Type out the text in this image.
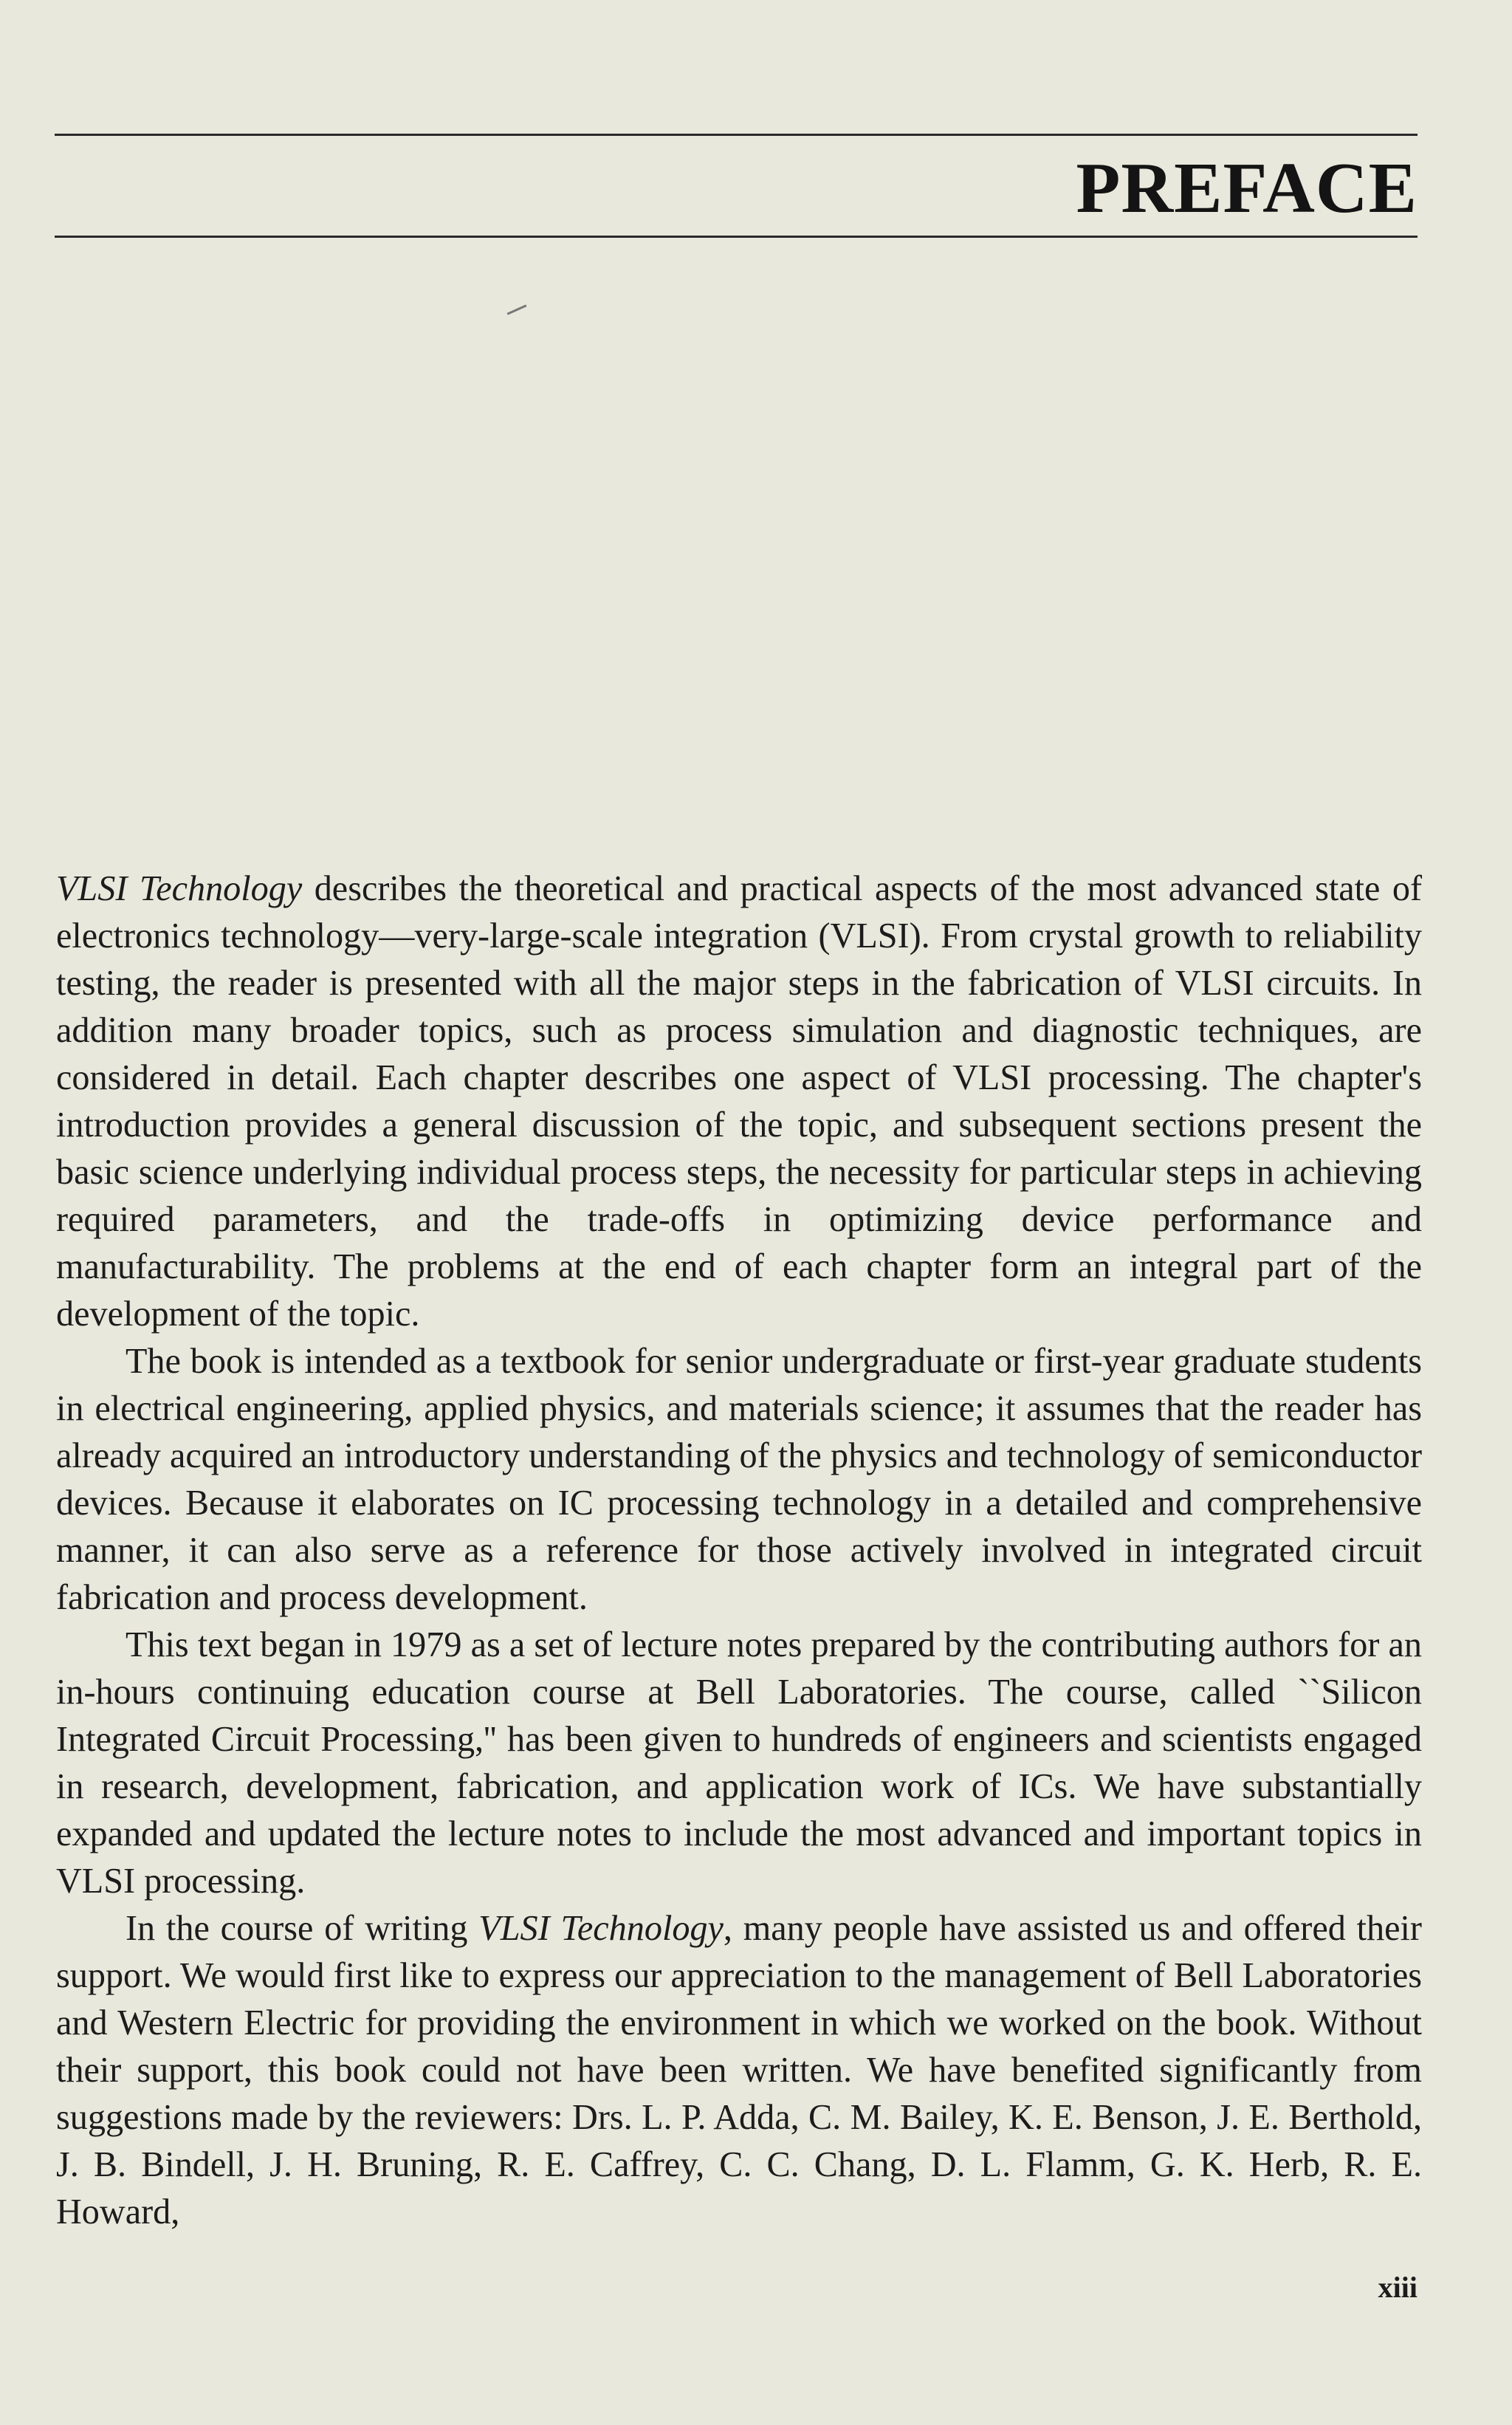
PREFACE

VLSI Technology describes the theoretical and practical aspects of the most advanced state of electronics technology—very-large-scale integration (VLSI). From crystal growth to reliability testing, the reader is presented with all the major steps in the fabrication of VLSI circuits. In addition many broader topics, such as process simulation and diagnostic techniques, are considered in detail. Each chapter describes one aspect of VLSI processing. The chapter's introduction provides a general discussion of the topic, and subsequent sections present the basic science underlying individual process steps, the necessity for particular steps in achieving required parameters, and the trade-offs in optimizing device performance and manufacturability. The problems at the end of each chapter form an integral part of the development of the topic.

The book is intended as a textbook for senior undergraduate or first-year graduate students in electrical engineering, applied physics, and materials science; it assumes that the reader has already acquired an introductory understanding of the physics and technology of semiconductor devices. Because it elaborates on IC processing technology in a detailed and comprehensive manner, it can also serve as a reference for those actively involved in integrated circuit fabrication and process development.

This text began in 1979 as a set of lecture notes prepared by the contributing authors for an in-hours continuing education course at Bell Laboratories. The course, called ``Silicon Integrated Circuit Processing,'' has been given to hundreds of engineers and scientists engaged in research, development, fabrication, and application work of ICs. We have substantially expanded and updated the lecture notes to include the most advanced and important topics in VLSI processing.

In the course of writing VLSI Technology, many people have assisted us and offered their support. We would first like to express our appreciation to the management of Bell Laboratories and Western Electric for providing the environment in which we worked on the book. Without their support, this book could not have been written. We have benefited significantly from suggestions made by the reviewers: Drs. L. P. Adda, C. M. Bailey, K. E. Benson, J. E. Berthold, J. B. Bindell, J. H. Bruning, R. E. Caffrey, C. C. Chang, D. L. Flamm, G. K. Herb, R. E. Howard,

xiii
